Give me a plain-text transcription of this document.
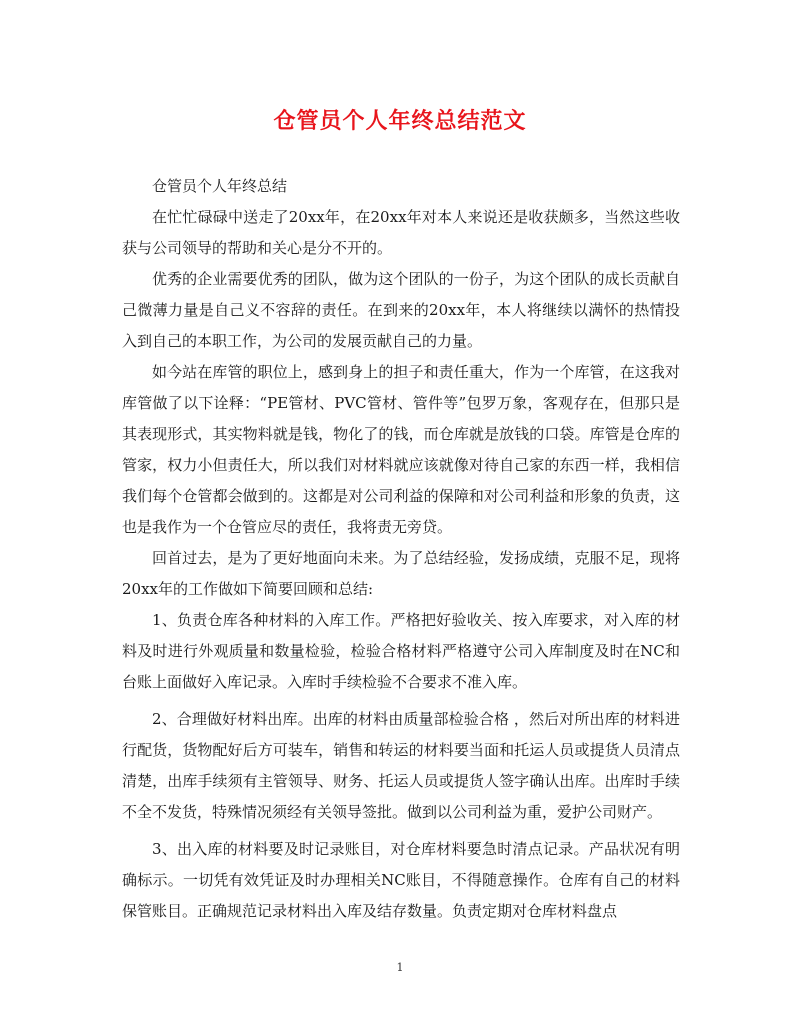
仓管员个人年终总结范文

仓管员个人年终总结

在忙忙碌碌中送走了20xx年，在20xx年对本人来说还是收获颇多，当然这些收获与公司领导的帮助和关心是分不开的。

优秀的企业需要优秀的团队，做为这个团队的一份子，为这个团队的成长贡献自己微薄力量是自己义不容辞的责任。在到来的20xx年，本人将继续以满怀的热情投入到自己的本职工作，为公司的发展贡献自己的力量。

如今站在库管的职位上，感到身上的担子和责任重大，作为一个库管，在这我对库管做了以下诠释：“PE管材、PVC管材、管件等”包罗万象，客观存在，但那只是其表现形式，其实物料就是钱，物化了的钱，而仓库就是放钱的口袋。库管是仓库的管家，权力小但责任大，所以我们对材料就应该就像对待自己家的东西一样，我相信我们每个仓管都会做到的。这都是对公司利益的保障和对公司利益和形象的负责，这也是我作为一个仓管应尽的责任，我将责无旁贷。

回首过去，是为了更好地面向未来。为了总结经验，发扬成绩，克服不足，现将20xx年的工作做如下简要回顾和总结:

1、负责仓库各种材料的入库工作。严格把好验收关、按入库要求，对入库的材料及时进行外观质量和数量检验，检验合格材料严格遵守公司入库制度及时在NC和台账上面做好入库记录。入库时手续检验不合要求不准入库。

2、合理做好材料出库。出库的材料由质量部检验合格 ，然后对所出库的材料进行配货，货物配好后方可装车，销售和转运的材料要当面和托运人员或提货人员清点清楚，出库手续须有主管领导、财务、托运人员或提货人签字确认出库。出库时手续不全不发货，特殊情况须经有关领导签批。做到以公司利益为重，爱护公司财产。

3、出入库的材料要及时记录账目，对仓库材料要急时清点记录。产品状况有明确标示。一切凭有效凭证及时办理相关NC账目，不得随意操作。仓库有自己的材料保管账目。正确规范记录材料出入库及结存数量。负责定期对仓库材料盘点

1
